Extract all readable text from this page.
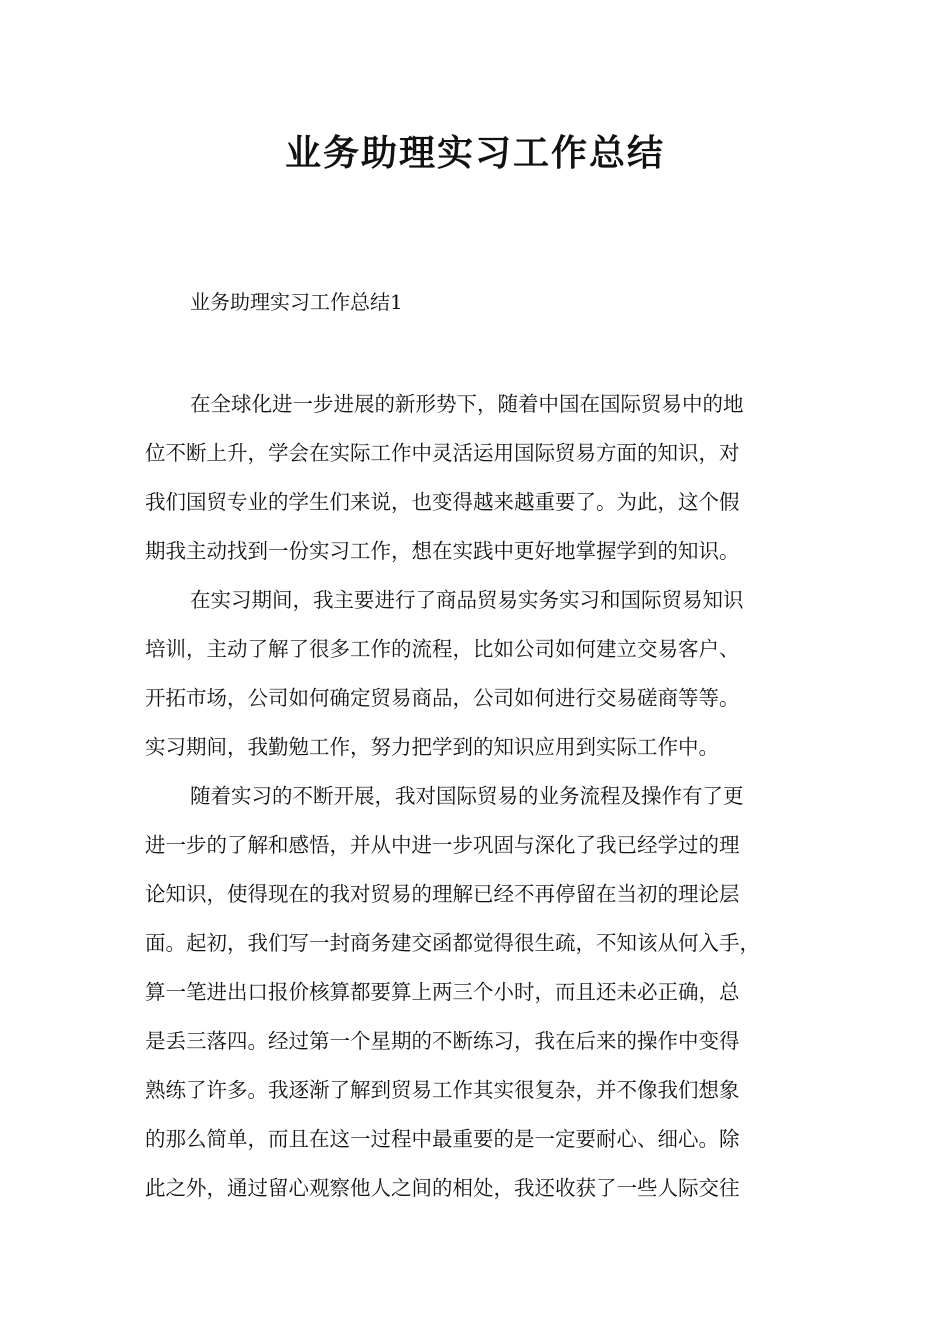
业务助理实习工作总结

业务助理实习工作总结1

在全球化进一步进展的新形势下，随着中国在国际贸易中的地
位不断上升，学会在实际工作中灵活运用国际贸易方面的知识，对
我们国贸专业的学生们来说，也变得越来越重要了。为此，这个假
期我主动找到一份实习工作，想在实践中更好地掌握学到的知识。
在实习期间，我主要进行了商品贸易实务实习和国际贸易知识
培训，主动了解了很多工作的流程，比如公司如何建立交易客户、
开拓市场，公司如何确定贸易商品，公司如何进行交易磋商等等。
实习期间，我勤勉工作，努力把学到的知识应用到实际工作中。
随着实习的不断开展，我对国际贸易的业务流程及操作有了更
进一步的了解和感悟，并从中进一步巩固与深化了我已经学过的理
论知识，使得现在的我对贸易的理解已经不再停留在当初的理论层
面。起初，我们写一封商务建交函都觉得很生疏，不知该从何入手，
算一笔进出口报价核算都要算上两三个小时，而且还未必正确，总
是丢三落四。经过第一个星期的不断练习，我在后来的操作中变得
熟练了许多。我逐渐了解到贸易工作其实很复杂，并不像我们想象
的那么简单，而且在这一过程中最重要的是一定要耐心、细心。除
此之外，通过留心观察他人之间的相处，我还收获了一些人际交往
